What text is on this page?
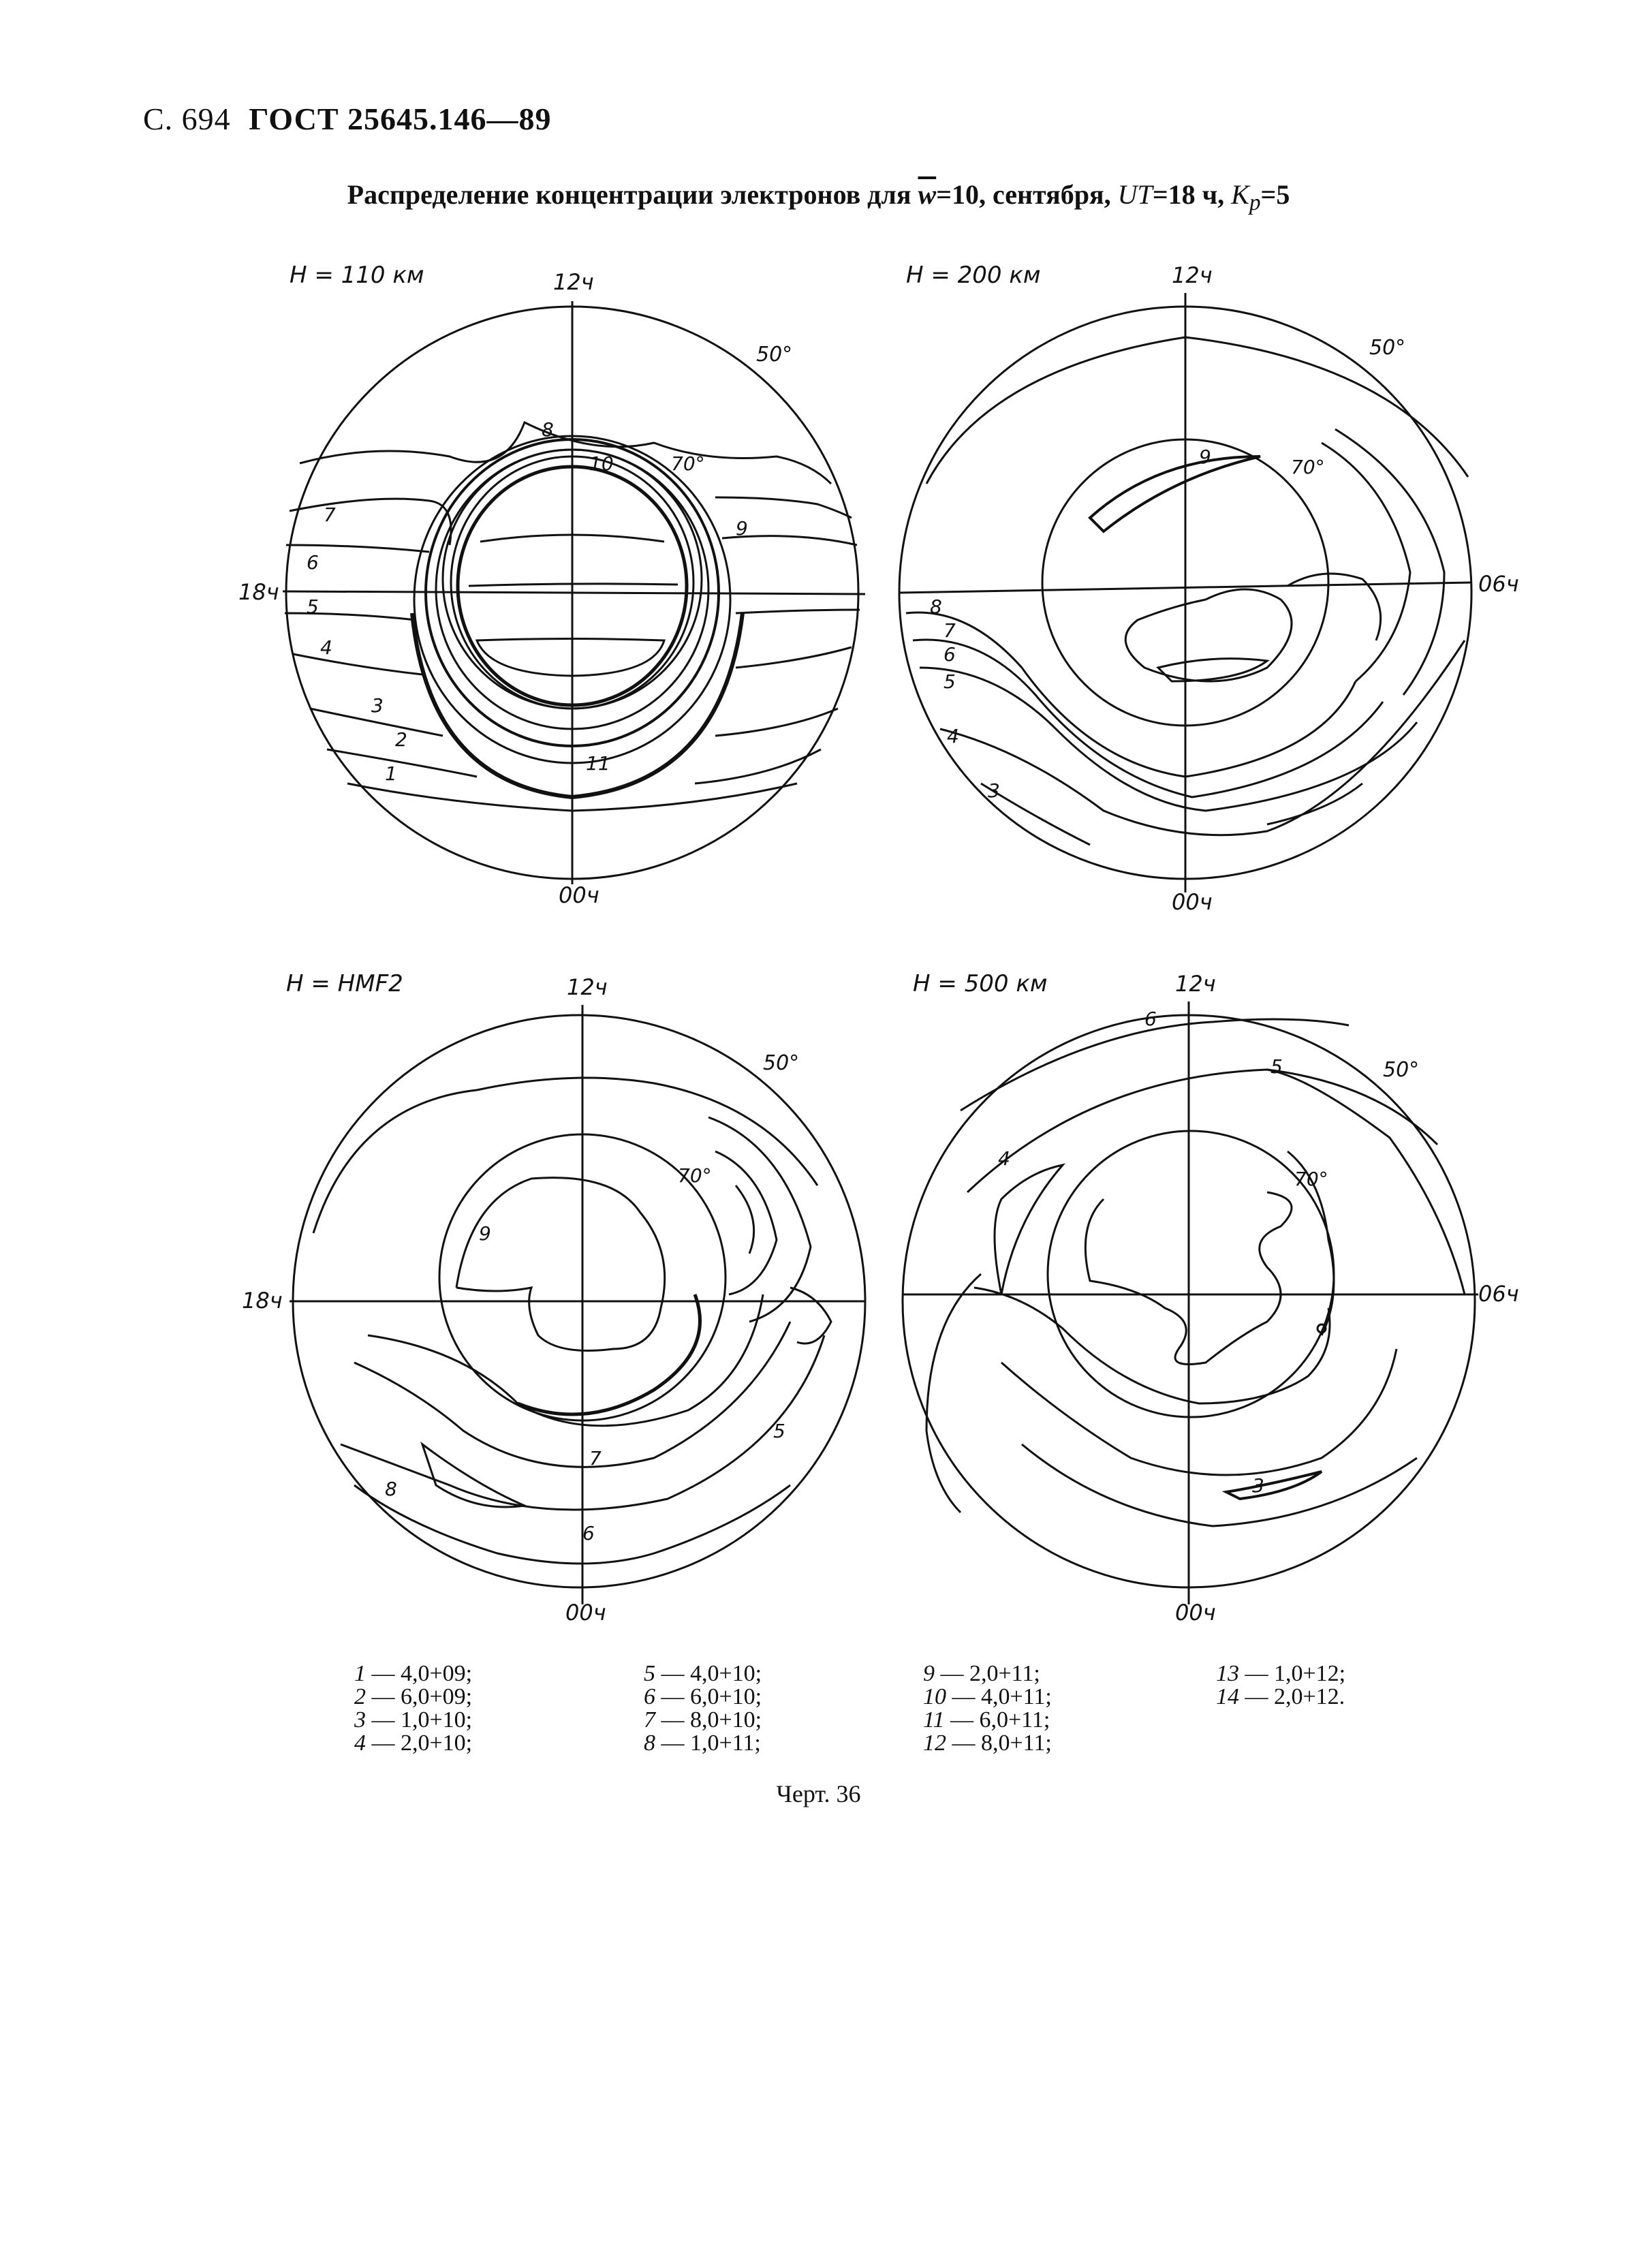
С. 694 ГОСТ 25645.146—89
Распределение концентрации электронов для $\overline{w}=10$, сентября, UT=18 ч, $K_p=5$
H = 110 км	12ч
00ч
18ч
50°
70°
1
2
3
4
5
6
7
8
9
10
11
H = 200 км	12ч
00ч
06ч
50°
70°
3
4
5
6
7
8
9
H = HMF2	12ч
00ч
18ч
50°
70°
5
6
7
8
9
H = 500 км	12ч
00ч
06ч
50°
70°
3
4
5
6
1 — 4,0+09;
2 — 6,0+09;
3 — 1,0+10;
4 — 2,0+10;
5 — 4,0+10;
6 — 6,0+10;
7 — 8,0+10;
8 — 1,0+11;
9 — 2,0+11;
10 — 4,0+11;
11 — 6,0+11;
12 — 8,0+11;
13 — 1,0+12;
14 — 2,0+12.
Черт. 36
